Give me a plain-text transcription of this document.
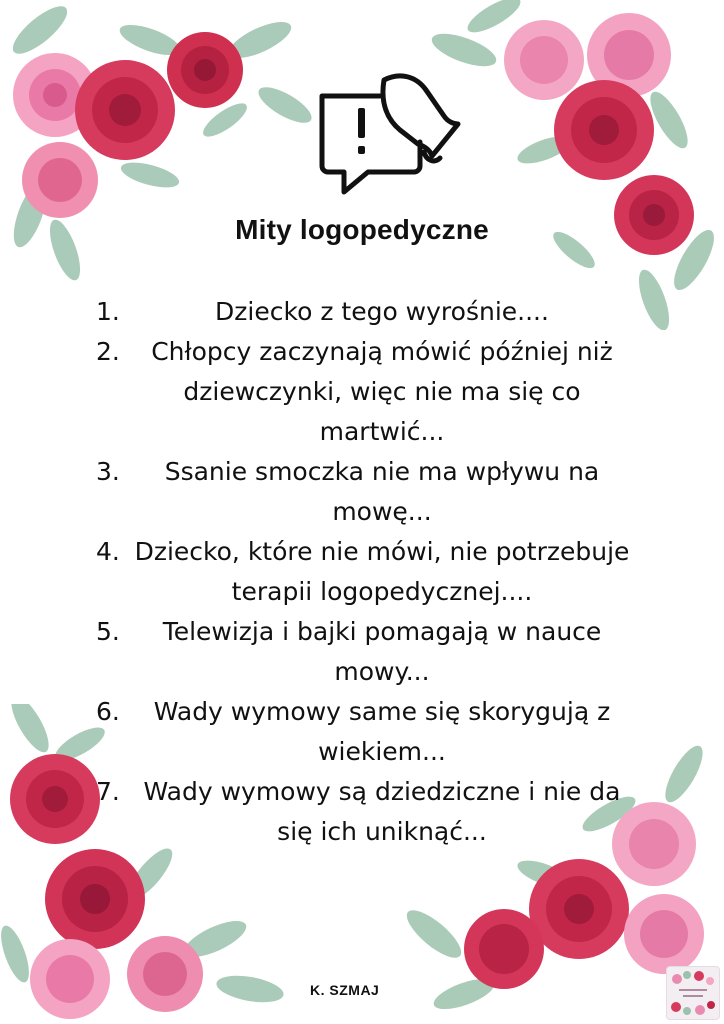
Mity logopedyczne
1.	Dziecko z tego wyrośnie....
2.	Chłopcy zaczynają mówić później niż dziewczynki, więc nie ma się co martwić...
3.	Ssanie smoczka nie ma wpływu na mowę...
4. Dziecko, które nie mówi, nie potrzebuje terapii logopedycznej....
5.	Telewizja i bajki pomagają w nauce mowy...
6.	Wady wymowy same się skorygują z wiekiem...
7. Wady wymowy są dziedziczne i nie da się ich uniknąć...
K. SZMAJ
